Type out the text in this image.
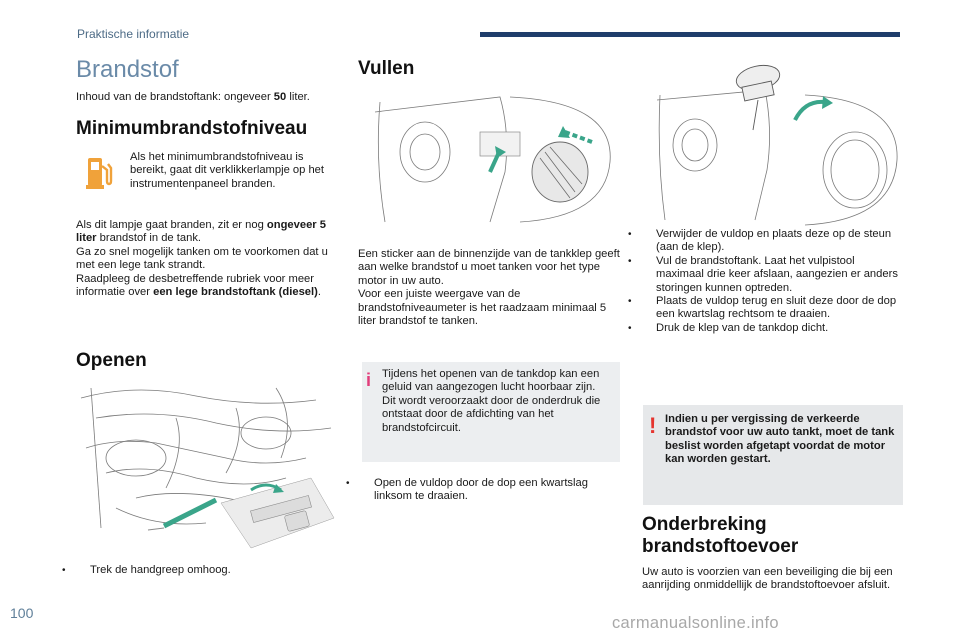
Praktische informatie
Brandstof
Inhoud van de brandstoftank: ongeveer 50 liter.
Minimumbrandstofniveau
Als het minimumbrandstofniveau is bereikt, gaat dit verklikkerlampje op het instrumentenpaneel branden.
Als dit lampje gaat branden, zit er nog ongeveer 5 liter brandstof in de tank.
Ga zo snel mogelijk tanken om te voorkomen dat u met een lege tank strandt.
Raadpleeg de desbetreffende rubriek voor meer informatie over een lege brandstoftank (diesel).
Openen
• Trek de handgreep omhoog.
100
Vullen
Een sticker aan de binnenzijde van de tankklep geeft aan welke brandstof u moet tanken voor het type motor in uw auto.
Voor een juiste weergave van de brandstofniveaumeter is het raadzaam minimaal 5 liter brandstof te tanken.
i Tijdens het openen van de tankdop kan een geluid van aangezogen lucht hoorbaar zijn. Dit wordt veroorzaakt door de onderdruk die ontstaat door de afdichting van het brandstofcircuit.
• Open de vuldop door de dop een kwartslag linksom te draaien.
• Verwijder de vuldop en plaats deze op de steun (aan de klep).
• Vul de brandstoftank. Laat het vulpistool maximaal drie keer afslaan, aangezien er anders storingen kunnen optreden.
• Plaats de vuldop terug en sluit deze door de dop een kwartslag rechtsom te draaien.
• Druk de klep van de tankdop dicht.
! Indien u per vergissing de verkeerde brandstof voor uw auto tankt, moet de tank beslist worden afgetapt voordat de motor kan worden gestart.
Onderbreking
brandstoftoevoer
Uw auto is voorzien van een beveiliging die bij een aanrijding onmiddellijk de brandstoftoevoer afsluit.
carmanualsonline.info
